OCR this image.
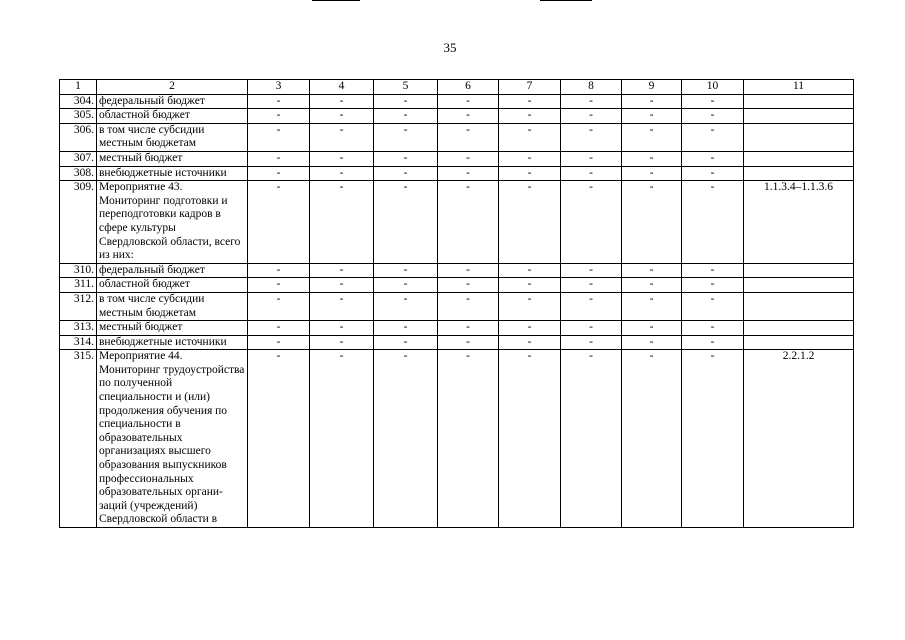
35
1	2	3	4	5	6	7	8	9	10	11
304.	федеральный бюджет	-	-	-	-	-	-	-	-	
305.	областной бюджет	-	-	-	-	-	-	-	-	
306.	в том числе субсидии местным бюджетам	-	-	-	-	-	-	-	-	
307.	местный бюджет	-	-	-	-	-	-	-	-	
308.	внебюджетные источники	-	-	-	-	-	-	-	-	
309.	Мероприятие 43. Мониторинг подготовки и переподготовки кадров в сфере культуры Свердловской области, всего из них:	-	-	-	-	-	-	-	-	1.1.3.4–1.1.3.6
310.	федеральный бюджет	-	-	-	-	-	-	-	-	
311.	областной бюджет	-	-	-	-	-	-	-	-	
312.	в том числе субсидии местным бюджетам	-	-	-	-	-	-	-	-	
313.	местный бюджет	-	-	-	-	-	-	-	-	
314.	внебюджетные источники	-	-	-	-	-	-	-	-	
315.	Мероприятие 44. Мониторинг трудоустройства по полученной специальности и (или) продолжения обучения по специальности в образовательных организациях высшего образования выпускников профессиональных образовательных органи-заций (учреждений) Свердловской области в	-	-	-	-	-	-	-	-	2.2.1.2
